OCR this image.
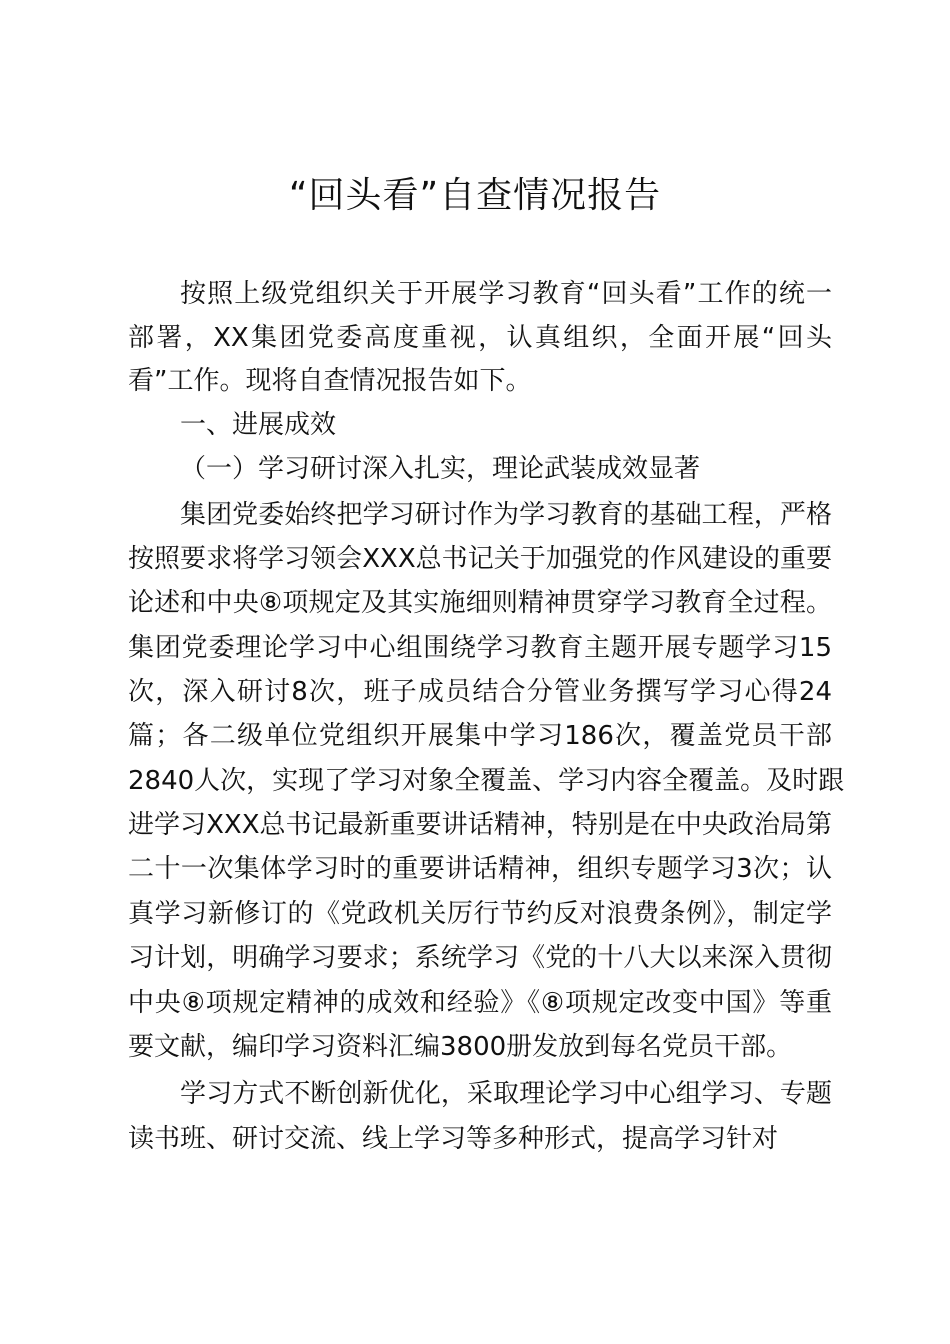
“回头看”自查情况报告
按照上级党组织关于开展学习教育“回头看”工作的统一
部署，XX集团党委高度重视，认真组织，全面开展“回头
看”工作。现将自查情况报告如下。
一、进展成效
（一）学习研讨深入扎实，理论武装成效显著
集团党委始终把学习研讨作为学习教育的基础工程，严格
按照要求将学习领会XXX总书记关于加强党的作风建设的重要
论述和中央⑧项规定及其实施细则精神贯穿学习教育全过程。
集团党委理论学习中心组围绕学习教育主题开展专题学习15
次，深入研讨8次，班子成员结合分管业务撰写学习心得24
篇；各二级单位党组织开展集中学习186次，覆盖党员干部
2840人次，实现了学习对象全覆盖、学习内容全覆盖。及时跟
进学习XXX总书记最新重要讲话精神，特别是在中央政治局第
二十一次集体学习时的重要讲话精神，组织专题学习3次；认
真学习新修订的《党政机关厉行节约反对浪费条例》，制定学
习计划，明确学习要求；系统学习《党的十八大以来深入贯彻
中央⑧项规定精神的成效和经验》《⑧项规定改变中国》等重
要文献，编印学习资料汇编3800册发放到每名党员干部。
学习方式不断创新优化，采取理论学习中心组学习、专题
读书班、研讨交流、线上学习等多种形式，提高学习针对
